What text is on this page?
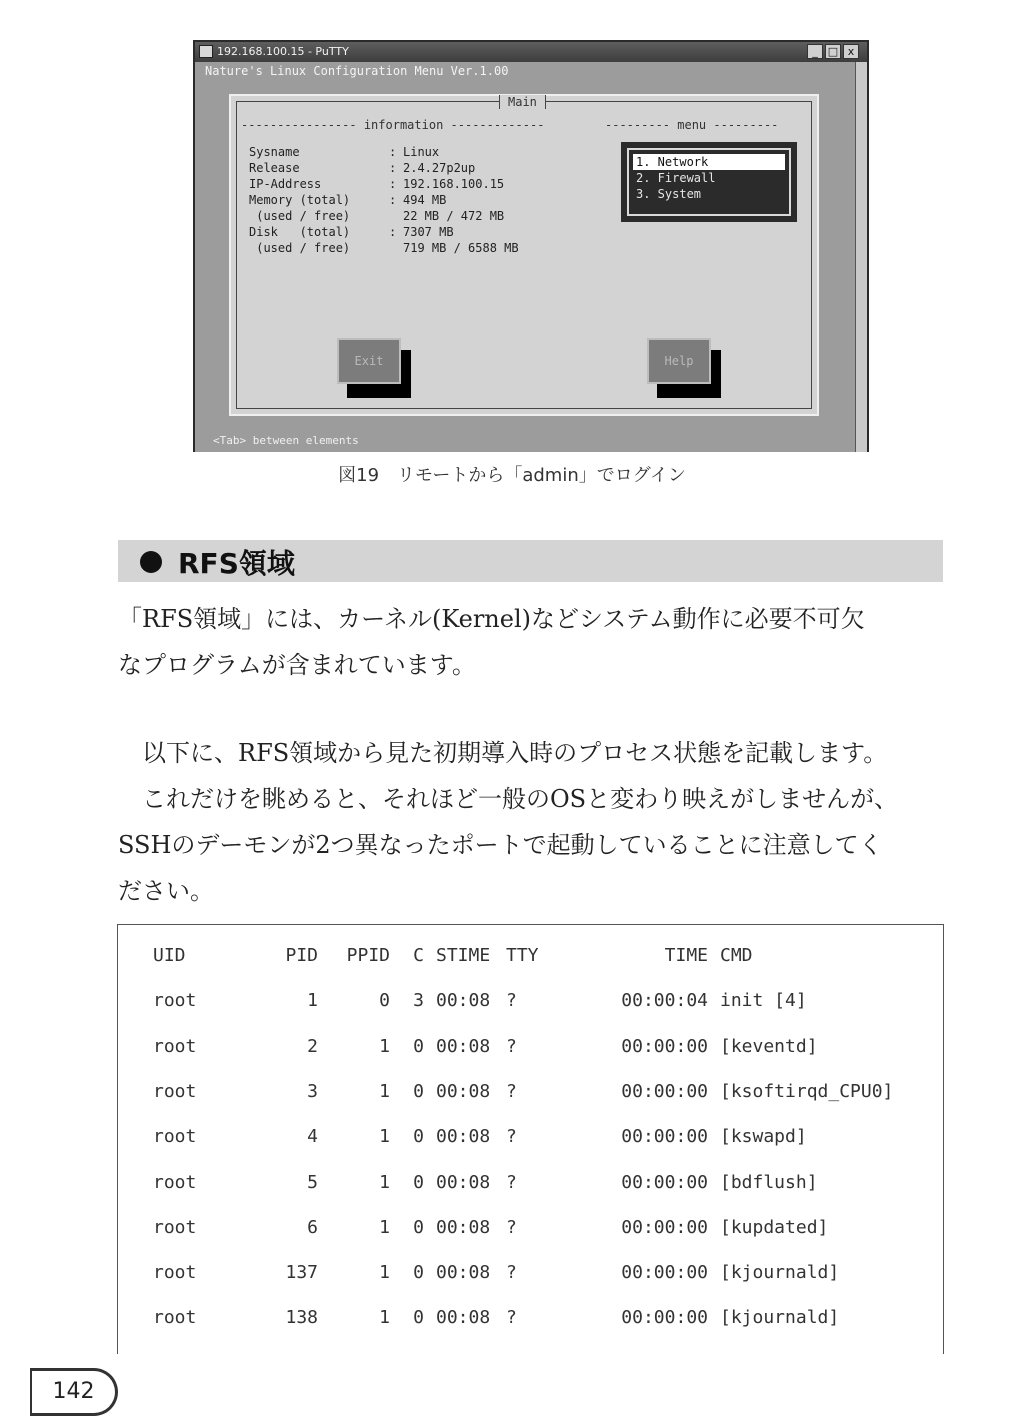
192.168.100.15 - PuTTY	_ □ x
Nature's Linux Configuration Menu Ver.1.00
Main
---------------- information -------------	--------- menu ---------
Sysname	: Linux
Release	: 2.4.27p2up
IP-Address	: 192.168.100.15
Memory (total)	: 494 MB
(used / free)
	22 MB / 472 MB
Disk   (total)	: 7307 MB
(used / free)
	719 MB / 6588 MB
1. Network
2. Firewall
3. System
Exit	Help
<Tab> between elements
図19　リモートから「admin」でログイン
RFS領域
「RFS領域」には、カーネル(Kernel)などシステム動作に必要不可欠
なプログラムが含まれています。
　以下に、RFS領域から見た初期導入時のプロセス状態を記載します。
　これだけを眺めると、それほど一般のOSと変わり映えがしませんが、
SSHのデーモンが2つ異なったポートで起動していることに注意してく
ださい。
UID	PID	PPID	C STIME TTY	TIME CMD
root	1	0	3 00:08 ?	00:00:04 init [4]
root	2	1	0 00:08 ?	00:00:00 [keventd]
root	3	1	0 00:08 ?	00:00:00 [ksoftirqd_CPU0]
root	4	1	0 00:08 ?	00:00:00 [kswapd]
root	5	1	0 00:08 ?	00:00:00 [bdflush]
root	6	1	0 00:08 ?	00:00:00 [kupdated]
root	137	1	0 00:08 ?	00:00:00 [kjournald]
root	138	1	0 00:08 ?	00:00:00 [kjournald]
142
